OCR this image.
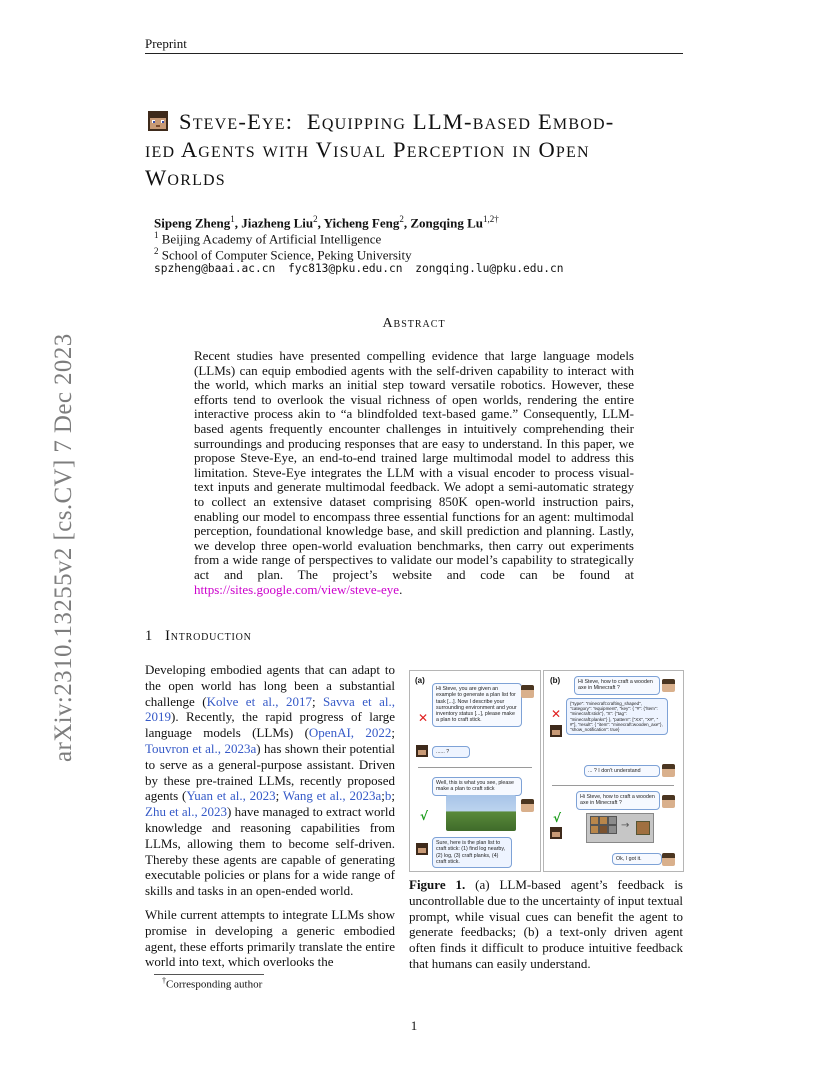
Preprint
arXiv:2310.13255v2 [cs.CV] 7 Dec 2023
Steve-Eye: Equipping LLM-based Embod-
ied Agents with Visual Perception in Open
Worlds
Sipeng Zheng$^1$, Jiazheng Liu$^2$, Yicheng Feng$^2$, Zongqing $Lu^{1,2\dagger}$
$^1$ Beijing Academy of Artificial Intelligence
$^2$ School of Computer Science, Peking University
spzheng@baai.ac.cn fyc813@pku.edu.cn zongqing.lu@pku.edu.cn
Abstract
Recent studies have presented compelling evidence that large language models (LLMs) can equip embodied agents with the self-driven capability to interact with the world, which marks an initial step toward versatile robotics. However, these efforts tend to overlook the visual richness of open worlds, rendering the entire interactive process akin to “a blindfolded text-based game.” Consequently, LLM-based agents frequently encounter challenges in intuitively comprehending their surroundings and producing responses that are easy to understand. In this paper, we propose Steve-Eye, an end-to-end trained large multimodal model to address this limitation. Steve-Eye integrates the LLM with a visual encoder to process visual-text inputs and generate multimodal feedback. We adopt a semi-automatic strategy to collect an extensive dataset comprising 850K open-world instruction pairs, enabling our model to encompass three essential functions for an agent: multimodal perception, foundational knowledge base, and skill prediction and planning. Lastly, we develop three open-world evaluation benchmarks, then carry out experiments from a wide range of perspectives to validate our model’s capability to strategically act and plan. The project’s website and code can be found at https://sites.google.com/view/steve-eye.
1 Introduction

Developing embodied agents that can adapt to the open world has long been a substantial challenge (Kolve et al., 2017; Savva et al., 2019). Recently, the rapid progress of large language models (LLMs) (OpenAI, 2022; Touvron et al., 2023a) has shown their potential to serve as a general-purpose assistant. Driven by these pre-trained LLMs, recently proposed agents (Yuan et al., 2023; Wang et al., 2023a;b; Zhu et al., 2023) have managed to extract world knowledge and reasoning capabilities from LLMs, allowing them to become self-driven. Thereby these agents are capable of generating executable policies or plans for a wide range of skills and tasks in an open-ended world.

While current attempts to integrate LLMs show promise in developing a generic embodied agent, these efforts primarily translate the entire world into text, which overlooks the

(a)
Hi Steve, you are given an example to generate a plan list for task [...]. Now I describe your surrounding environment and your inventory status [...], please make a plan to craft stick.
✕
...... ?
Well, this is what you see, please make a plan to craft stick
√
Sure, here is the plan list to craft stick: (1) find log nearby, (2) log, (3) craft planks, (4) craft stick.
(b)	Hi Steve, how to craft a wooden axe in Minecraft ?
✕
{"type": "minecraft:crafting_shaped", "category": "equipment", "key": { "#": {"item": "minecraft:stick"}, "X": {"tag": "minecraft:planks"} }, "pattern": ["XX", "X#", " #"], "result": { "item": "minecraft:wooden_axe"}, "show_notification": true}
... ? I don't understand
Hi Steve, how to craft a wooden axe in Minecraft ?
√
→
Ok, I got it.
Figure 1. (a) LLM-based agent’s feedback is uncontrollable due to the uncertainty of input textual prompt, while visual cues can benefit the agent to generate feedbacks; (b) a text-only driven agent often finds it difficult to produce intuitive feedback that humans can easily understand.
†Corresponding author
1
